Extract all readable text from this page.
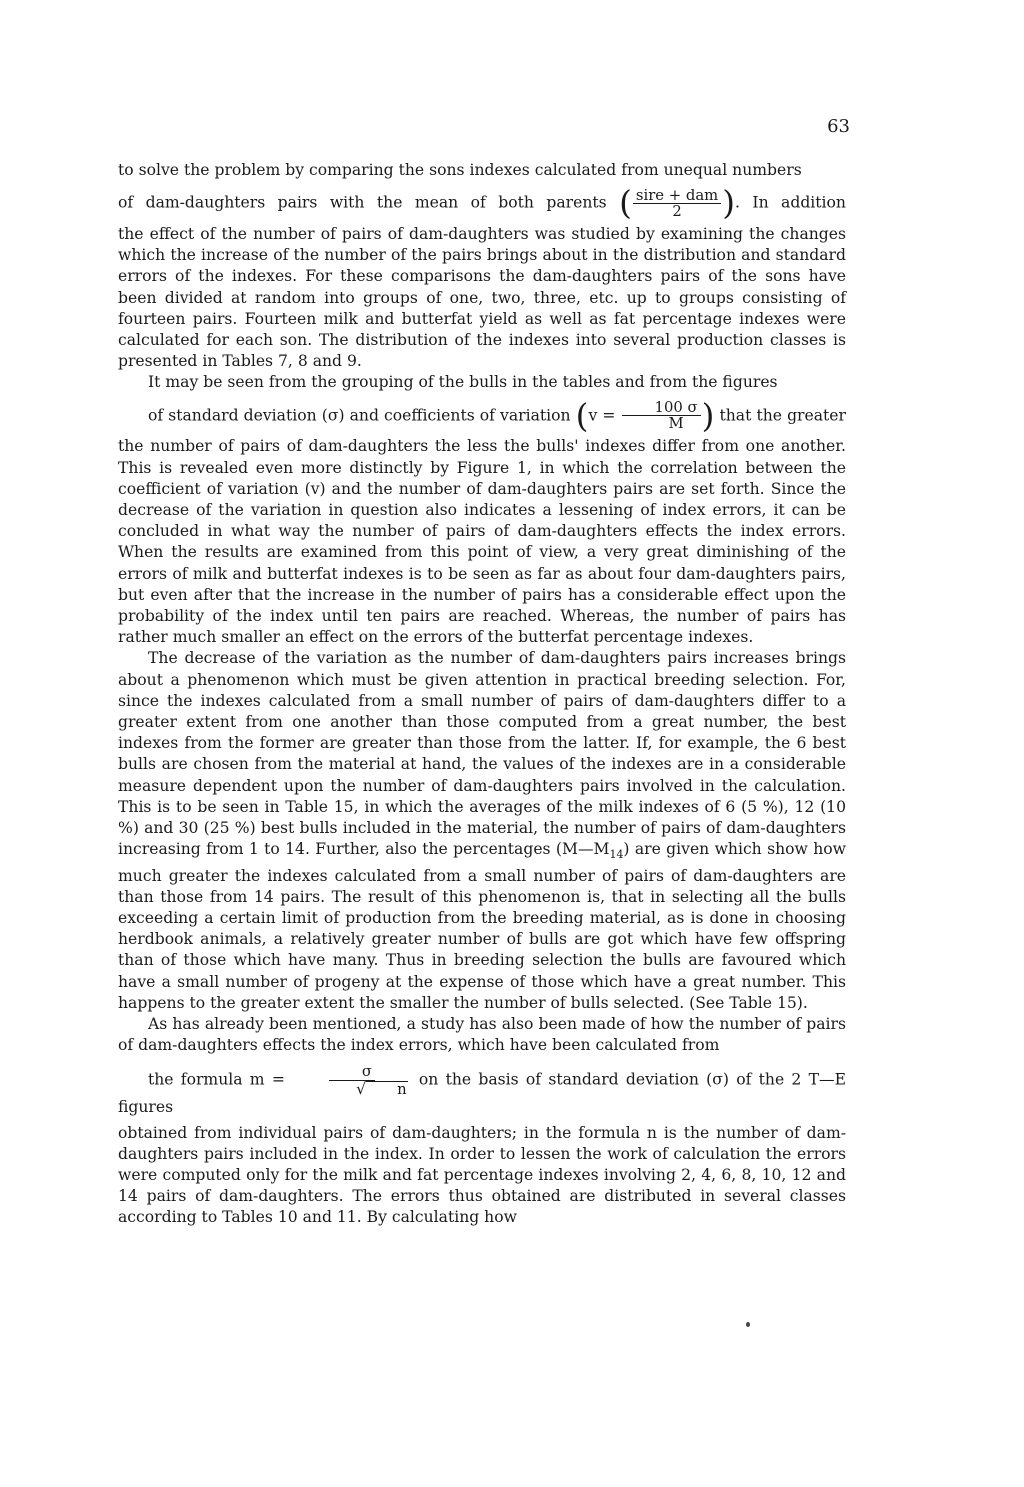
63

to solve the problem by comparing the sons indexes calculated from unequal numbers
of dam-daughters pairs with the mean of both parents ( $\frac{\text{sire + dam}}{2}$ ). In addition
the effect of the number of pairs of dam-daughters was studied by examining the changes which the increase of the number of the pairs brings about in the distribution and standard errors of the indexes. For these comparisons the dam-daughters pairs of the sons have been divided at random into groups of one, two, three, etc. up to groups consisting of fourteen pairs. Fourteen milk and butterfat yield as well as fat percentage indexes were calculated for each son. The distribution of the indexes into several production classes is presented in Tables 7, 8 and 9.

It may be seen from the grouping of the bulls in the tables and from the figures
of standard deviation (σ) and coefficients of variation ($v = \frac{100 \sigma}{M}$ ) that the greater
the number of pairs of dam-daughters the less the bulls' indexes differ from one another. This is revealed even more distinctly by Figure 1, in which the correlation between the coefficient of variation (v) and the number of dam-daughters pairs are set forth. Since the decrease of the variation in question also indicates a lessening of index errors, it can be concluded in what way the number of pairs of dam-daughters effects the index errors. When the results are examined from this point of view, a very great diminishing of the errors of milk and butterfat indexes is to be seen as far as about four dam-daughters pairs, but even after that the increase in the number of pairs has a considerable effect upon the probability of the index until ten pairs are reached. Whereas, the number of pairs has rather much smaller an effect on the errors of the butterfat percentage indexes.

The decrease of the variation as the number of dam-daughters pairs increases brings about a phenomenon which must be given attention in practical breeding selection. For, since the indexes calculated from a small number of pairs of dam-daughters differ to a greater extent from one another than those computed from a great number, the best indexes from the former are greater than those from the latter. If, for example, the 6 best bulls are chosen from the material at hand, the values of the indexes are in a considerable measure dependent upon the number of dam-daughters pairs involved in the calculation. This is to be seen in Table 15, in which the averages of the milk indexes of 6 (5 %), 12 (10 %) and 30 (25 %) best bulls included in the material, the number of pairs of dam-daughters increasing from 1 to 14. Further, also the percentages $(M—M_{14})$ are given which show how much greater the indexes calculated from a small number of pairs of dam-daughters are than those from 14 pairs. The result of this phenomenon is, that in selecting all the bulls exceeding a certain limit of production from the breeding material, as is done in choosing herdbook animals, a relatively greater number of bulls are got which have few offspring than of those which have many. Thus in breeding selection the bulls are favoured which have a small number of progeny at the expense of those which have a great number. This happens to the greater extent the smaller the number of bulls selected. (See Table 15).

As has already been mentioned, a study has also been made of how the number of pairs of dam-daughters effects the index errors, which have been calculated from
the formula m = σ
√	n on the basis of standard deviation (σ) of the 2 T—E figures
obtained from individual pairs of dam-daughters; in the formula n is the number of dam-daughters pairs included in the index. In order to lessen the work of calculation the errors were computed only for the milk and fat percentage indexes involving 2, 4, 6, 8, 10, 12 and 14 pairs of dam-daughters. The errors thus obtained are distributed in several classes according to Tables 10 and 11. By calculating how
